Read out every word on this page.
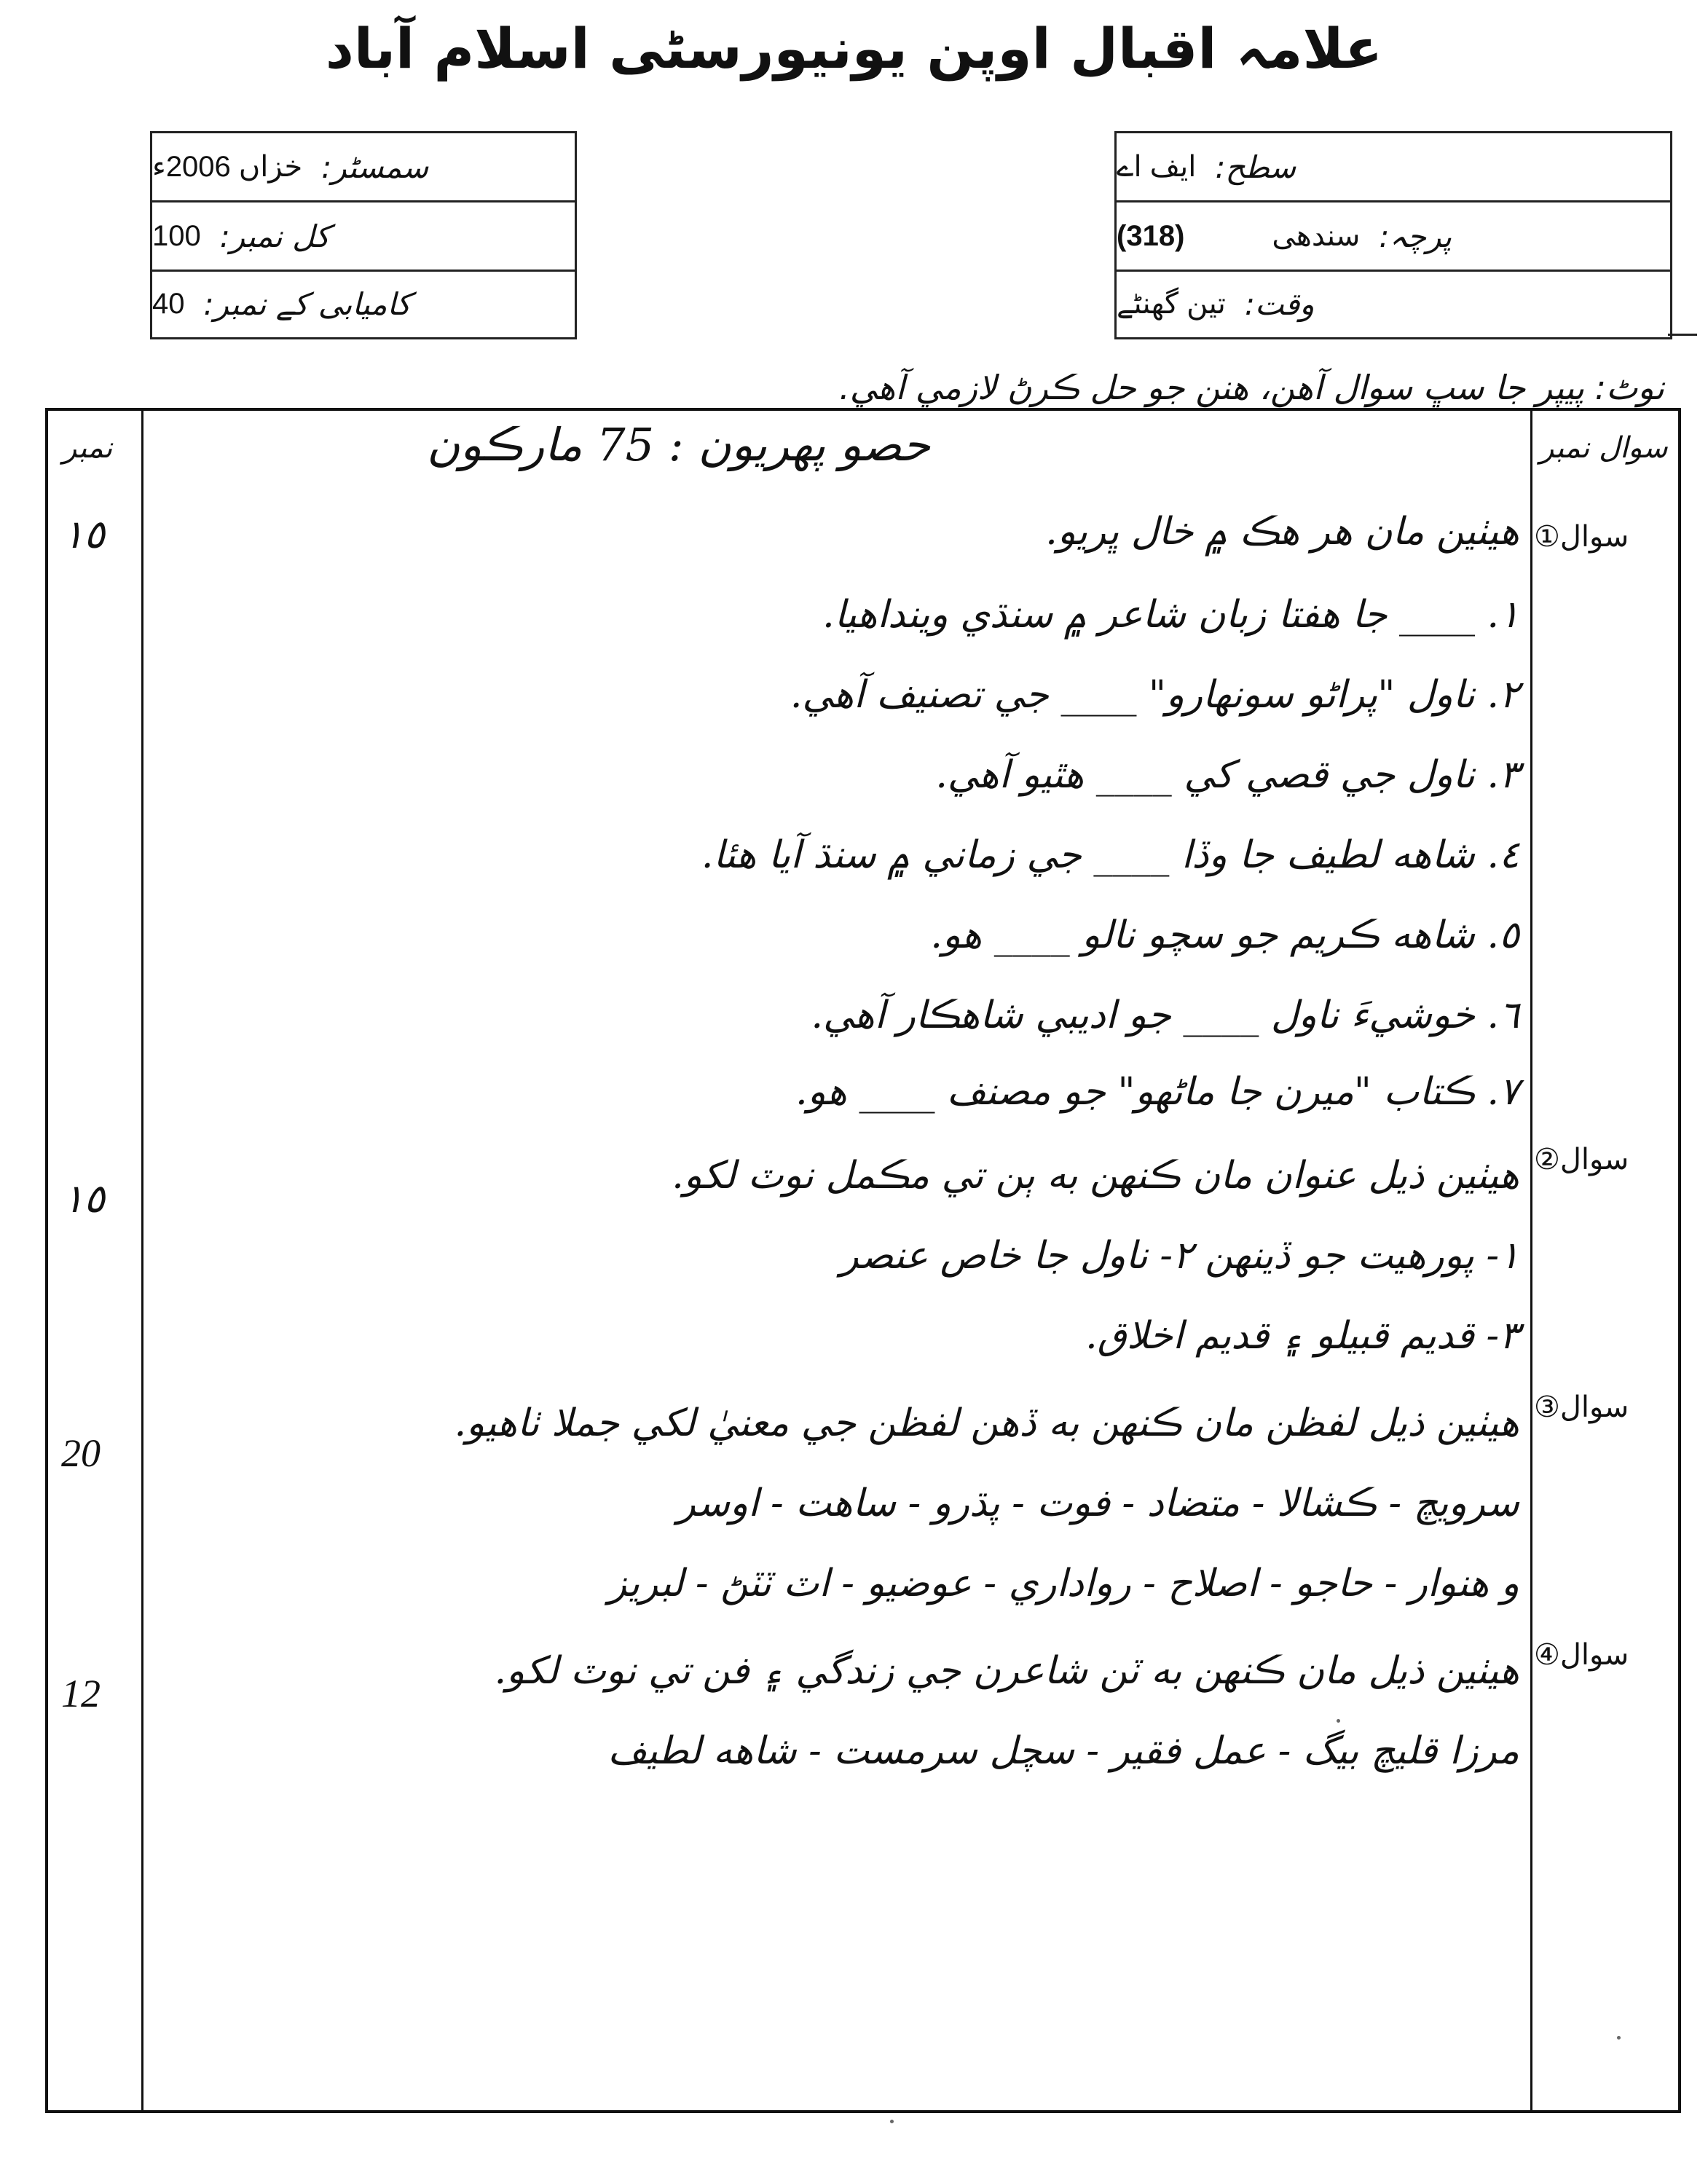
علامہ اقبال اوپن یونیورسٹی اسلام آباد
سمسٹر:
خزاں 2006ء
کل نمبر:
100
کامیابی کے نمبر:
40
سطح:
ایف اے
پرچہ:
سندھی
(318)
وقت:
تین گھنٹے
نوٹ: پيپر جا سڀ سوال آهن، هنن جو حل ڪرڻ لازمي آهي.
نمبر	سوال نمبر
حصو پهريون : 75 مارڪون
سوال①
١٥	هيٺين مان هر هڪ ۾ خال ڀريو.
١. ____ جا هفتا زبان شاعر ۾ سنڌي وينداهيا.
٢. ناول "پراڻو سونهارو" ____ جي تصنيف آهي.
٣. ناول جي قصي کي ____ هٿيو آهي.
٤. شاهه لطيف جا وڏا ____ جي زماني ۾ سنڌ آيا هئا.
٥. شاهه ڪريم جو سچو نالو ____ هو.
٦. خوشيءَ ناول ____ جو اديبي شاهڪار آهي.
٧. ڪتاب "ميرن جا ماڻهو" جو مصنف ____ هو.
سوال②
١٥
هيٺين ذيل عنوان مان ڪنهن به ٻن تي مڪمل نوٽ لکو.
١- پورهيت جو ڏينهن ٢- ناول جا خاص عنصر
٣- قديم قبيلو ۽ قديم اخلاق.
سوال③
20
هيٺين ذيل لفظن مان ڪنهن به ڏهن لفظن جي معنيٰ لکي جملا ٺاهيو.
سرويچ - ڪشالا - متضاد - فوت - پڌرو - ساهت - اوسر
و هنوار - حاجو - اصلاح - رواداري - عوضيو - اٽ ٽٽڻ - لبريز
سوال④
12
هيٺين ذيل مان ڪنهن به ٽن شاعرن جي زندگي ۽ فن تي نوٽ لکو.
مرزا قليچ بيگ - عمل فقير - سچل سرمست - شاهه لطيف
